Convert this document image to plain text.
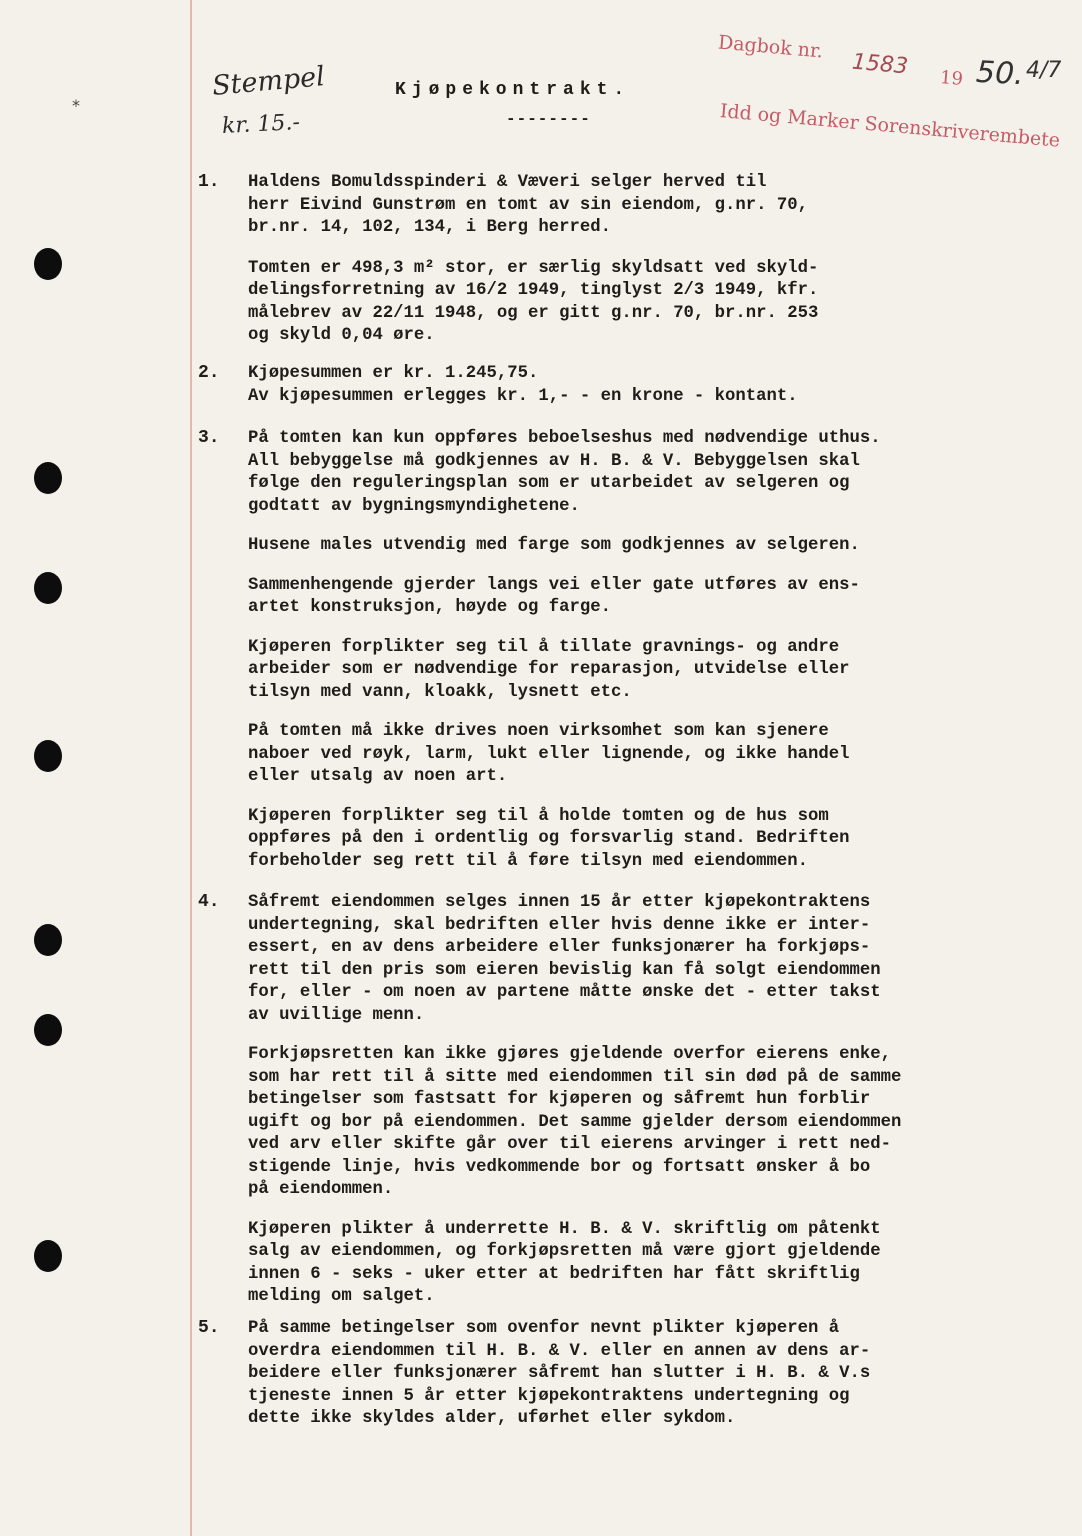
*
Stempel
kr. 15.-
Kjøpekontrakt.
--------
Dagbok nr.
1583 19 50. 4/7
Idd og Marker Sorenskriverembete
1. Haldens Bomuldsspinderi & Væveri selger herved til
herr Eivind Gunstrøm en tomt av sin eiendom, g.nr. 70,
br.nr. 14, 102, 134, i Berg herred.

Tomten er 498,3 m² stor, er særlig skyldsatt ved skyld-
delingsforretning av 16/2 1949, tinglyst 2/3 1949, kfr.
målebrev av 22/11 1948, og er gitt g.nr. 70, br.nr. 253
og skyld 0,04 øre.

2. Kjøpesummen er kr. 1.245,75.
Av kjøpesummen erlegges kr. 1,- - en krone - kontant.

3. På tomten kan kun oppføres beboelseshus med nødvendige uthus.
All bebyggelse må godkjennes av H. B. & V. Bebyggelsen skal
følge den reguleringsplan som er utarbeidet av selgeren og
godtatt av bygningsmyndighetene.

Husene males utvendig med farge som godkjennes av selgeren.

Sammenhengende gjerder langs vei eller gate utføres av ens-
artet konstruksjon, høyde og farge.

Kjøperen forplikter seg til å tillate gravnings- og andre
arbeider som er nødvendige for reparasjon, utvidelse eller
tilsyn med vann, kloakk, lysnett etc.

På tomten må ikke drives noen virksomhet som kan sjenere
naboer ved røyk, larm, lukt eller lignende, og ikke handel
eller utsalg av noen art.

Kjøperen forplikter seg til å holde tomten og de hus som
oppføres på den i ordentlig og forsvarlig stand. Bedriften
forbeholder seg rett til å føre tilsyn med eiendommen.

4. Såfremt eiendommen selges innen 15 år etter kjøpekontraktens
undertegning, skal bedriften eller hvis denne ikke er inter-
essert, en av dens arbeidere eller funksjonærer ha forkjøps-
rett til den pris som eieren bevislig kan få solgt eiendommen
for, eller - om noen av partene måtte ønske det - etter takst
av uvillige menn.

Forkjøpsretten kan ikke gjøres gjeldende overfor eierens enke,
som har rett til å sitte med eiendommen til sin død på de samme
betingelser som fastsatt for kjøperen og såfremt hun forblir
ugift og bor på eiendommen. Det samme gjelder dersom eiendommen
ved arv eller skifte går over til eierens arvinger i rett ned-
stigende linje, hvis vedkommende bor og fortsatt ønsker å bo
på eiendommen.

Kjøperen plikter å underrette H. B. & V. skriftlig om påtenkt
salg av eiendommen, og forkjøpsretten må være gjort gjeldende
innen 6 - seks - uker etter at bedriften har fått skriftlig
melding om salget.

5. På samme betingelser som ovenfor nevnt plikter kjøperen å
overdra eiendommen til H. B. & V. eller en annen av dens ar-
beidere eller funksjonærer såfremt han slutter i H. B. & V.s
tjeneste innen 5 år etter kjøpekontraktens undertegning og
dette ikke skyldes alder, uførhet eller sykdom.
